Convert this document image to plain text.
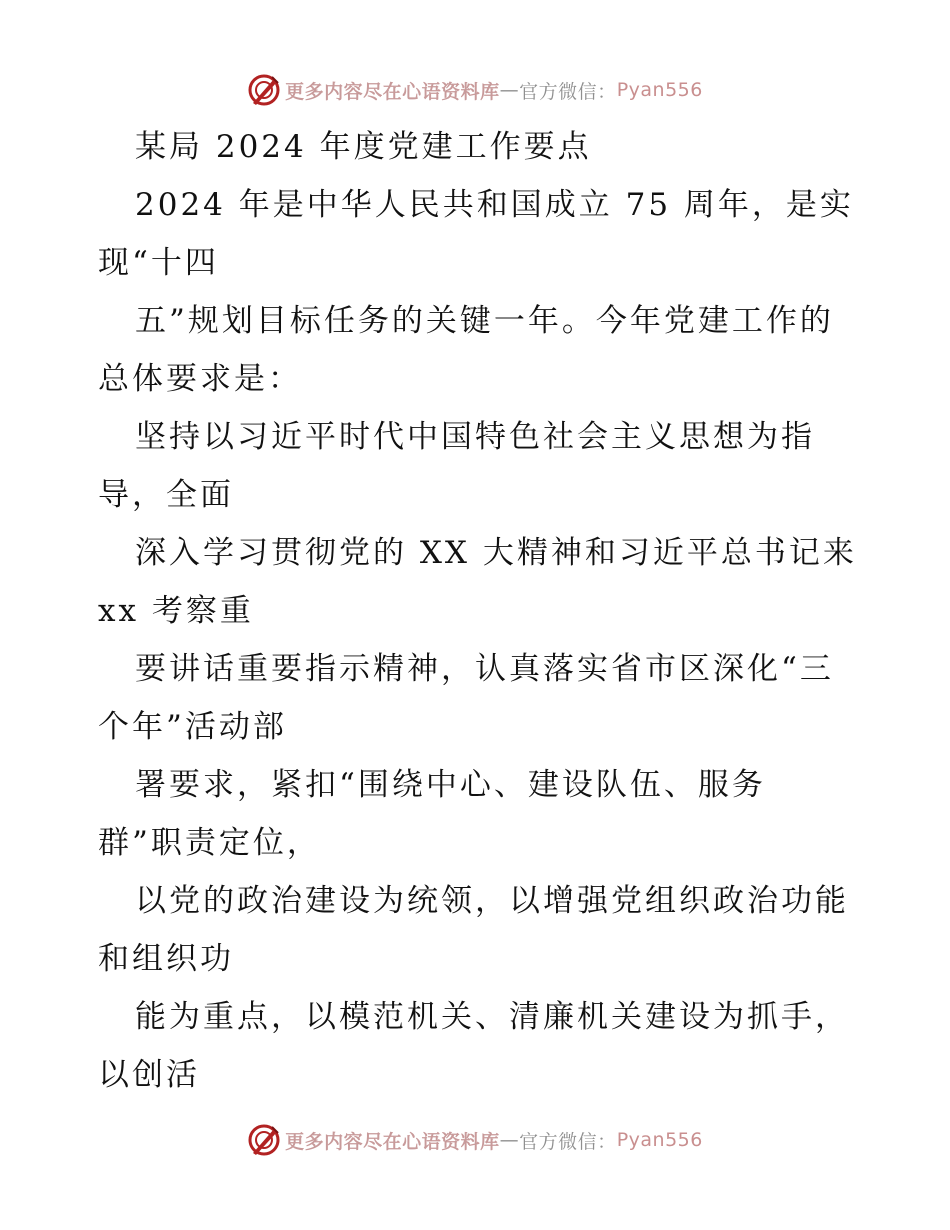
更多内容尽在心语资料库 — 官方微信： Pyan556
某局 2024 年度党建工作要点
2024 年是中华人民共和国成立 75 周年，是实
现“十四
五”规划目标任务的关键一年。今年党建工作的
总体要求是：
坚持以习近平时代中国特色社会主义思想为指
导，全面
深入学习贯彻党的 XX 大精神和习近平总书记来
xx 考察重
要讲话重要指示精神，认真落实省市区深化“三
个年”活动部
署要求，紧扣“围绕中心、建设队伍、服务
群”职责定位，
以党的政治建设为统领，以增强党组织政治功能
和组织功
能为重点，以模范机关、清廉机关建设为抓手，
以创活
更多内容尽在心语资料库 — 官方微信： Pyan556
